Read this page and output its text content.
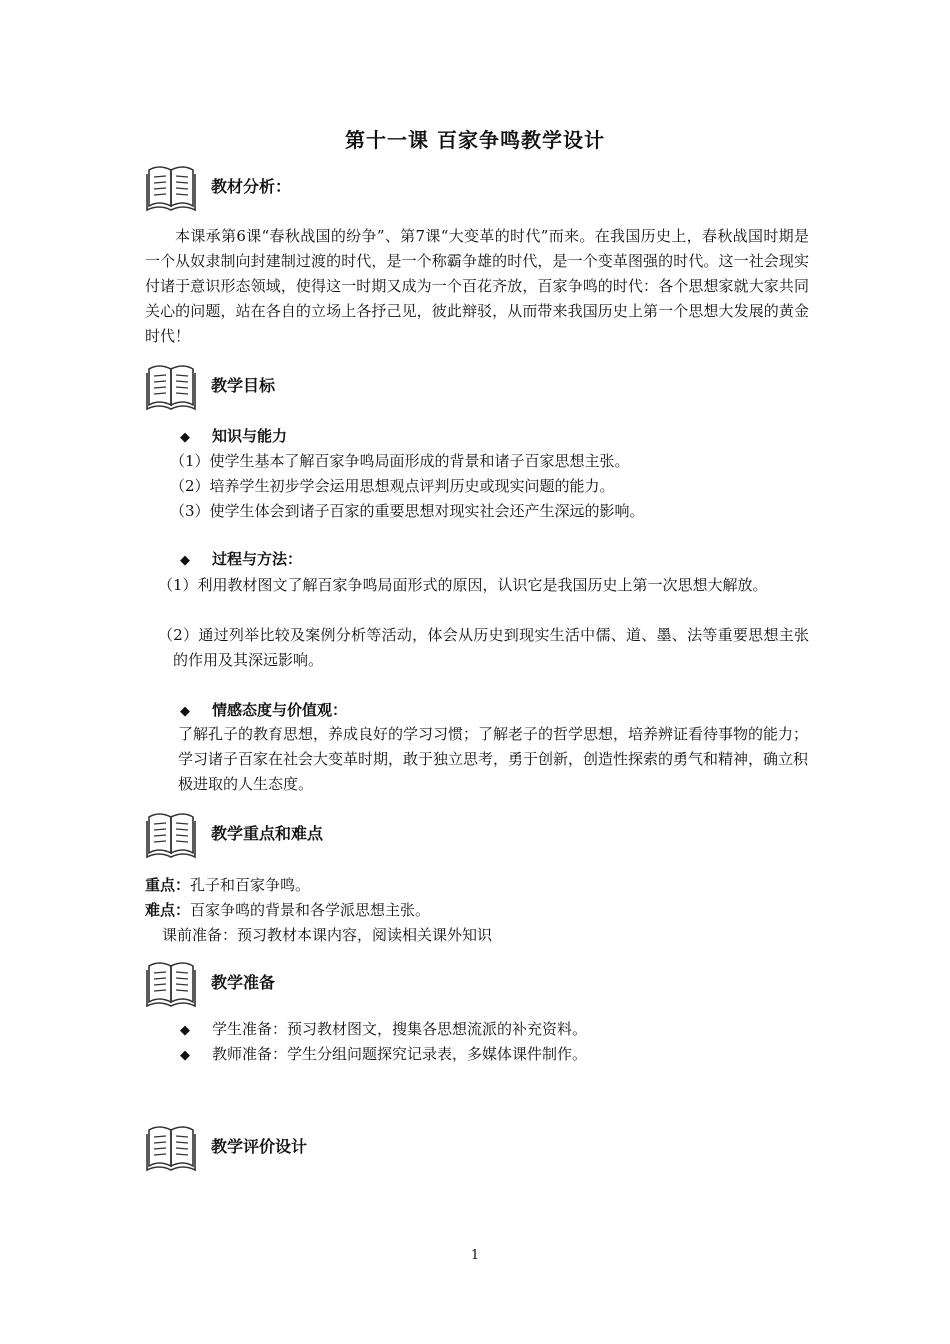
第十一课 百家争鸣教学设计
教材分析：
本课承第6课“春秋战国的纷争”、第7课“大变革的时代”而来。在我国历史上，春秋战国时期是一个从奴隶制向封建制过渡的时代，是一个称霸争雄的时代，是一个变革图强的时代。这一社会现实付诸于意识形态领域，使得这一时期又成为一个百花齐放，百家争鸣的时代：各个思想家就大家共同关心的问题，站在各自的立场上各抒己见，彼此辩驳，从而带来我国历史上第一个思想大发展的黄金时代！
教学目标
◆ 知识与能力
（1）使学生基本了解百家争鸣局面形成的背景和诸子百家思想主张。
（2）培养学生初步学会运用思想观点评判历史或现实问题的能力。
（3）使学生体会到诸子百家的重要思想对现实社会还产生深远的影响。
◆ 过程与方法：
（1）利用教材图文了解百家争鸣局面形式的原因，认识它是我国历史上第一次思想大解放。
（2）通过列举比较及案例分析等活动，体会从历史到现实生活中儒、道、墨、法等重要思想主张的作用及其深远影响。
◆ 情感态度与价值观：
了解孔子的教育思想，养成良好的学习习惯；了解老子的哲学思想，培养辨证看待事物的能力；学习诸子百家在社会大变革时期，敢于独立思考，勇于创新，创造性探索的勇气和精神，确立积极进取的人生态度。
教学重点和难点
重点：孔子和百家争鸣。
难点：百家争鸣的背景和各学派思想主张。
课前准备：预习教材本课内容，阅读相关课外知识
教学准备
◆ 学生准备：预习教材图文，搜集各思想流派的补充资料。
◆ 教师准备：学生分组问题探究记录表，多媒体课件制作。
教学评价设计
1
